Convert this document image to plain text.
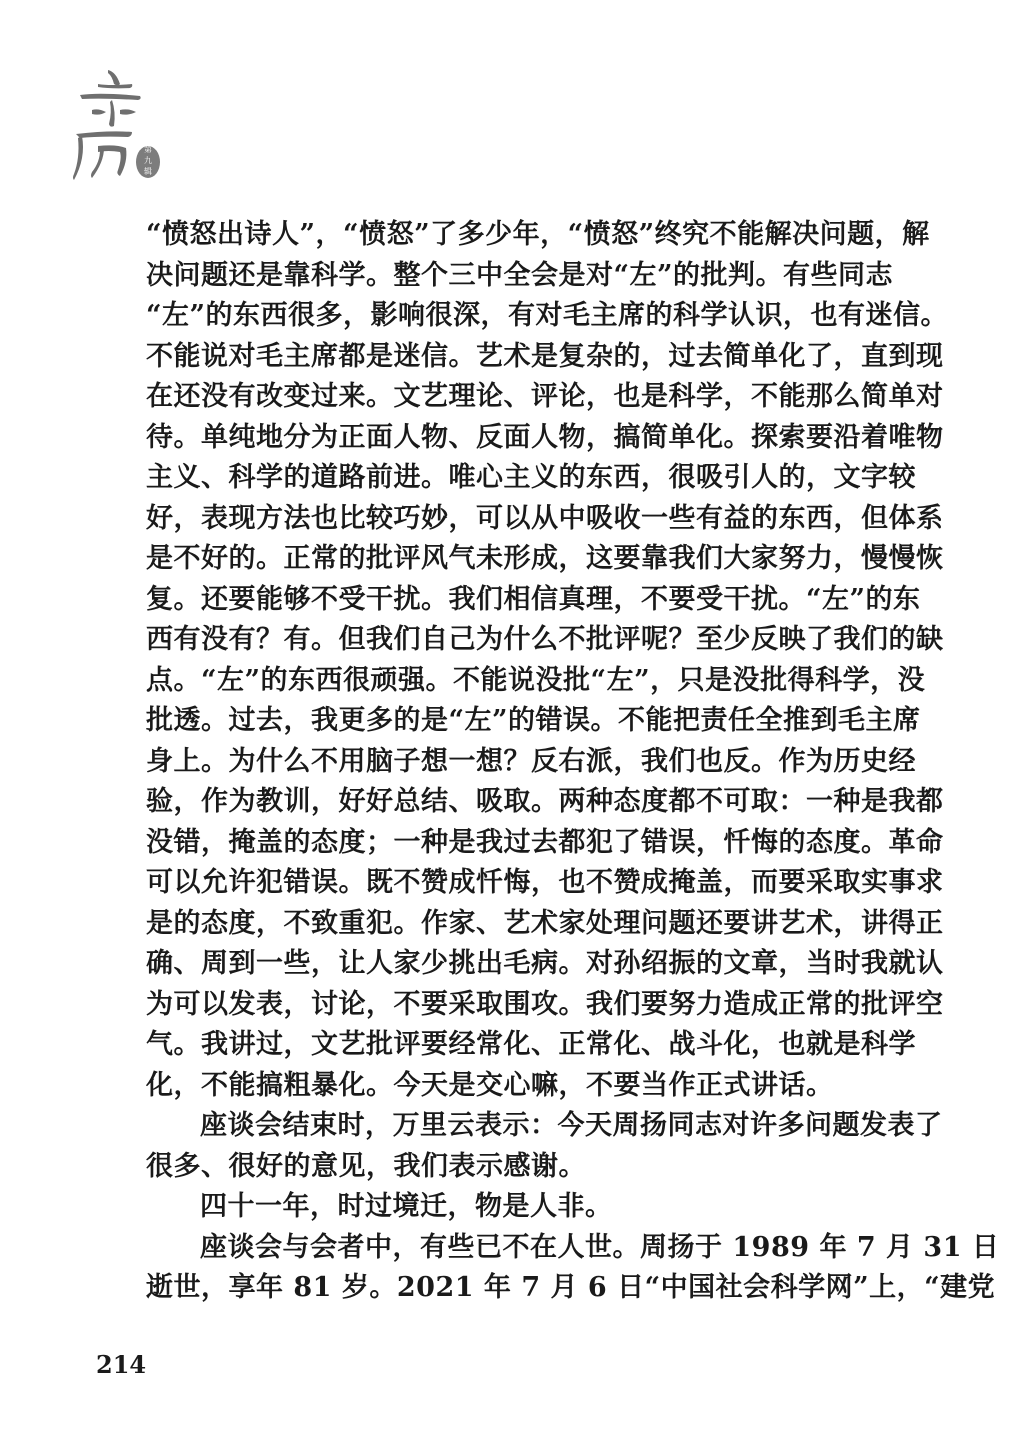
第
九
辑
“愤怒出诗人”，“愤怒”了多少年，“愤怒”终究不能解决问题，解
决问题还是靠科学。整个三中全会是对“左”的批判。有些同志
“左”的东西很多，影响很深，有对毛主席的科学认识，也有迷信。
不能说对毛主席都是迷信。艺术是复杂的，过去简单化了，直到现
在还没有改变过来。文艺理论、评论，也是科学，不能那么简单对
待。单纯地分为正面人物、反面人物，搞简单化。探索要沿着唯物
主义、科学的道路前进。唯心主义的东西，很吸引人的，文字较
好，表现方法也比较巧妙，可以从中吸收一些有益的东西，但体系
是不好的。正常的批评风气未形成，这要靠我们大家努力，慢慢恢
复。还要能够不受干扰。我们相信真理，不要受干扰。“左”的东
西有没有？有。但我们自己为什么不批评呢？至少反映了我们的缺
点。“左”的东西很顽强。不能说没批“左”，只是没批得科学，没
批透。过去，我更多的是“左”的错误。不能把责任全推到毛主席
身上。为什么不用脑子想一想？反右派，我们也反。作为历史经
验，作为教训，好好总结、吸取。两种态度都不可取：一种是我都
没错，掩盖的态度；一种是我过去都犯了错误，忏悔的态度。革命
可以允许犯错误。既不赞成忏悔，也不赞成掩盖，而要采取实事求
是的态度，不致重犯。作家、艺术家处理问题还要讲艺术，讲得正
确、周到一些，让人家少挑出毛病。对孙绍振的文章，当时我就认
为可以发表，讨论，不要采取围攻。我们要努力造成正常的批评空
气。我讲过，文艺批评要经常化、正常化、战斗化，也就是科学
化，不能搞粗暴化。今天是交心嘛，不要当作正式讲话。
座谈会结束时，万里云表示：今天周扬同志对许多问题发表了
很多、很好的意见，我们表示感谢。
四十一年，时过境迁，物是人非。
座谈会与会者中，有些已不在人世。周扬于 1989 年 7 月 31 日
逝世，享年 81 岁。2021 年 7 月 6 日“中国社会科学网”上，“建党
214
